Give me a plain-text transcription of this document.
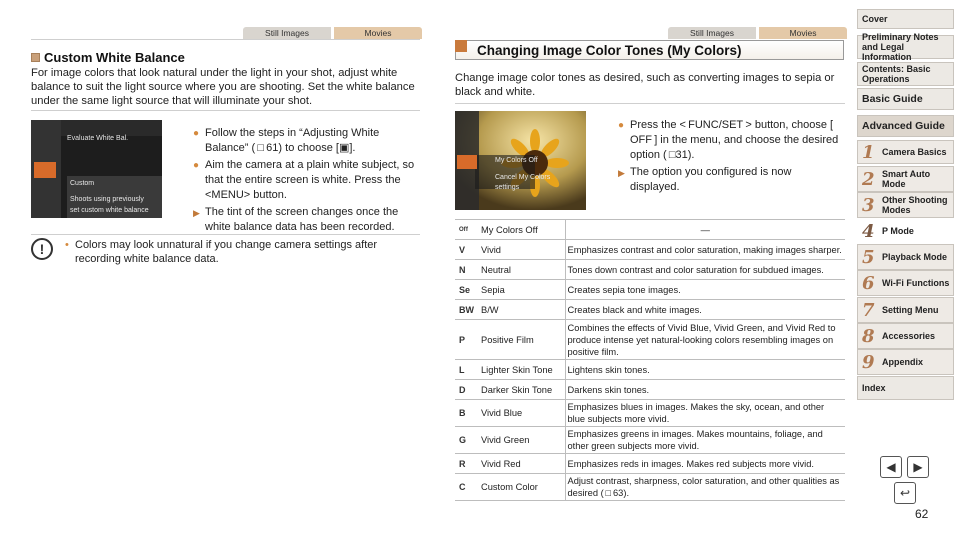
Still Images	Movies
Custom White Balance
For image colors that look natural under the light in your shot, adjust white balance to suit the light source where you are shooting. Set the white balance under the same light source that will illuminate your shot.
Evaluate White Bal.
Custom
Shoots using previously
set custom white balance
● Follow the steps in “Adjusting White Balance” ( □ 61) to choose [▣].
● Aim the camera at a plain white subject, so that the entire screen is white. Press the <MENU> button.
▶ The tint of the screen changes once the white balance data has been recorded.
!	• Colors may look unnatural if you change camera settings after recording white balance data.
Still Images	Movies
Changing Image Color Tones (My Colors)
Change image color tones as desired, such as converting images to sepia or black and white.
My Colors Off
Cancel My Colors
settings
● Press the < FUNC/SET > button, choose [ OFF ] in the menu, and choose the desired option ( □31).
▶ The option you configured is now displayed.
ᴼᶠᶠ My Colors Off	—

V Vivid	Emphasizes contrast and color saturation, making images sharper.

N Neutral	Tones down contrast and color saturation for subdued images.

Se Sepia	Creates sepia tone images.

BW B/W	Creates black and white images.

P Positive Film	Combines the effects of Vivid Blue, Vivid Green, and Vivid Red to produce intense yet natural-looking colors resembling images on positive film.

L Lighter Skin Tone	Lightens skin tones.

D Darker Skin Tone	Darkens skin tones.

B Vivid Blue	Emphasizes blues in images. Makes the sky, ocean, and other blue subjects more vivid.

G Vivid Green	Emphasizes greens in images. Makes mountains, foliage, and other green subjects more vivid.

R Vivid Red	Emphasizes reds in images. Makes red subjects more vivid.

C Custom Color	Adjust contrast, sharpness, color saturation, and other qualities as desired ( □ 63).
Cover
Preliminary Notes and Legal Information
Contents: Basic Operations
Basic Guide
Advanced Guide
1 Camera Basics
2 Smart Auto Mode
3 Other Shooting Modes
4 P Mode
5 Playback Mode
6 Wi-Fi Functions
7 Setting Menu
8 Accessories
9 Appendix
Index
◀ ▶
↩
62
